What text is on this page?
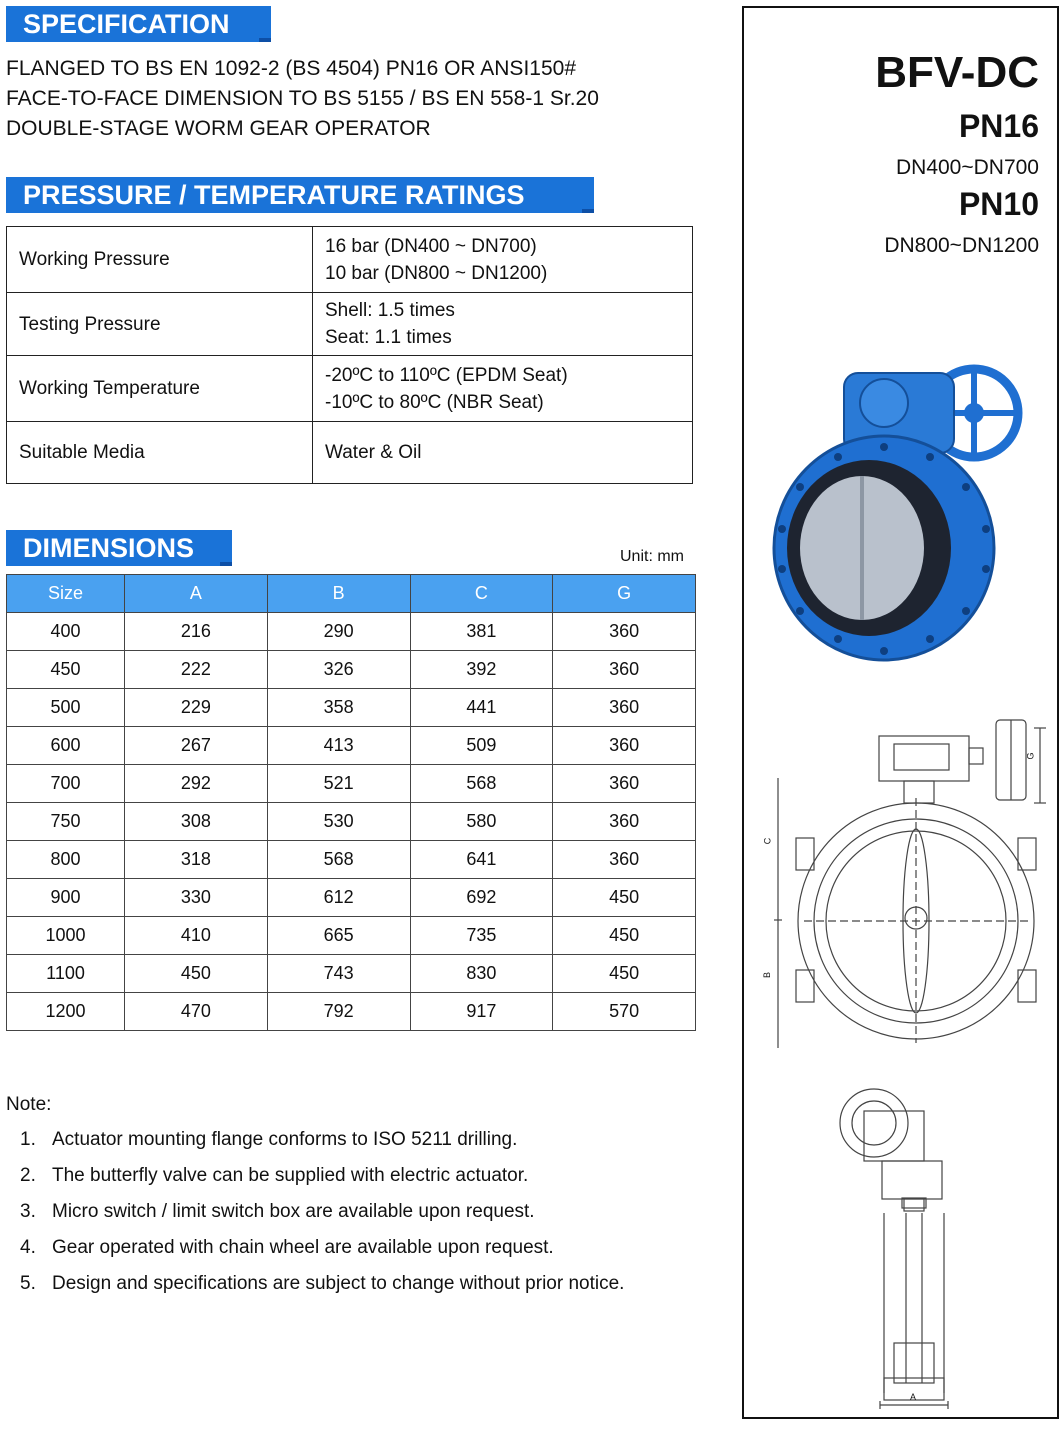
SPECIFICATION
FLANGED TO BS EN 1092-2 (BS 4504) PN16 OR ANSI150#
FACE-TO-FACE DIMENSION TO BS 5155 / BS EN 558-1 Sr.20
DOUBLE-STAGE WORM GEAR OPERATOR
PRESSURE / TEMPERATURE RATINGS
Working Pressure	16 bar (DN400 ~ DN700)
10 bar (DN800 ~ DN1200)

Testing Pressure	Shell: 1.5 times
Seat: 1.1 times

Working Temperature	-20ºC to 110ºC (EPDM Seat)
-10ºC to 80ºC (NBR Seat)

Suitable Media	Water & Oil
DIMENSIONS	Unit: mm
Size	A	B	C	G
400	216	290	381	360
450	222	326	392	360
500	229	358	441	360
600	267	413	509	360
700	292	521	568	360
750	308	530	580	360
800	318	568	641	360
900	330	612	692	450
1000	410	665	735	450
1100	450	743	830	450
1200	470	792	917	570
Note:
1. Actuator mounting flange conforms to ISO 5211 drilling.
2. The butterfly valve can be supplied with electric actuator.
3. Micro switch / limit switch box are available upon request.
4. Gear operated with chain wheel are available upon request.
5. Design and specifications are subject to change without prior notice.
BFV-DC
PN16
DN400~DN700
PN10
DN800~DN1200
C
B
G
A
